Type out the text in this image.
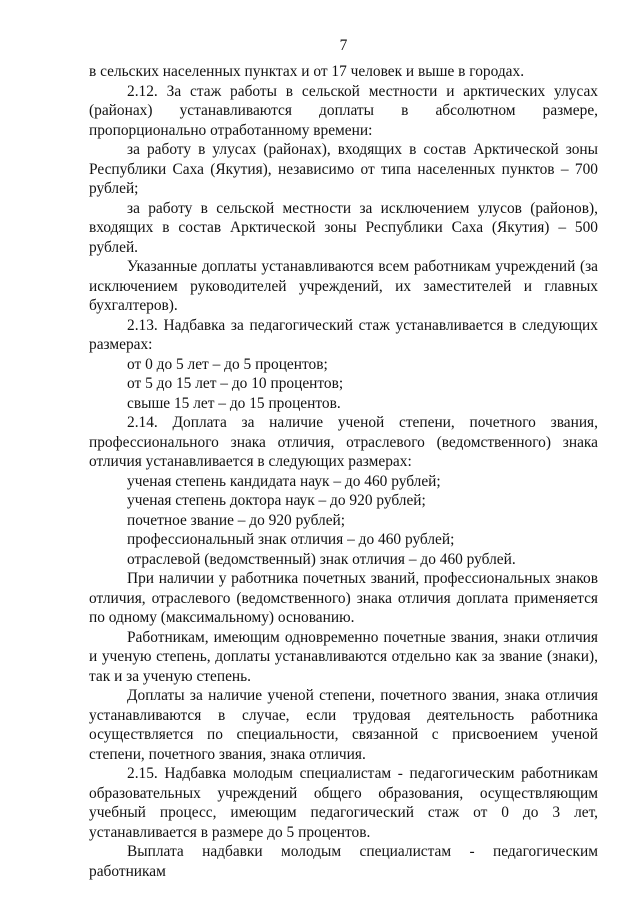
7

в сельских населенных пунктах и от 17 человек и выше в городах.

2.12. За стаж работы в сельской местности и арктических улусах (районах) устанавливаются доплаты в абсолютном размере, пропорционально отработанному времени:

за работу в улусах (районах), входящих в состав Арктической зоны Республики Саха (Якутия), независимо от типа населенных пунктов – 700 рублей;

за работу в сельской местности за исключением улусов (районов), входящих в состав Арктической зоны Республики Саха (Якутия) – 500 рублей.

Указанные доплаты устанавливаются всем работникам учреждений (за исключением руководителей учреждений, их заместителей и главных бухгалтеров).

2.13. Надбавка за педагогический стаж устанавливается в следующих размерах:

от 0 до 5 лет – до 5 процентов;

от 5 до 15 лет – до 10 процентов;

свыше 15 лет – до 15 процентов.

2.14. Доплата за наличие ученой степени, почетного звания, профессионального знака отличия, отраслевого (ведомственного) знака отличия устанавливается в следующих размерах:

ученая степень кандидата наук – до 460 рублей;

ученая степень доктора наук – до 920 рублей;

почетное звание – до 920 рублей;

профессиональный знак отличия – до 460 рублей;

отраслевой (ведомственный) знак отличия – до 460 рублей.

При наличии у работника почетных званий, профессиональных знаков отличия, отраслевого (ведомственного) знака отличия доплата применяется по одному (максимальному) основанию.

Работникам, имеющим одновременно почетные звания, знаки отличия и ученую степень, доплаты устанавливаются отдельно как за звание (знаки), так и за ученую степень.

Доплаты за наличие ученой степени, почетного звания, знака отличия устанавливаются в случае, если трудовая деятельность работника осуществляется по специальности, связанной с присвоением ученой степени, почетного звания, знака отличия.

2.15. Надбавка молодым специалистам - педагогическим работникам образовательных учреждений общего образования, осуществляющим учебный процесс, имеющим педагогический стаж от 0 до 3 лет, устанавливается в размере до 5 процентов.

Выплата надбавки молодым специалистам - педагогическим работникам
